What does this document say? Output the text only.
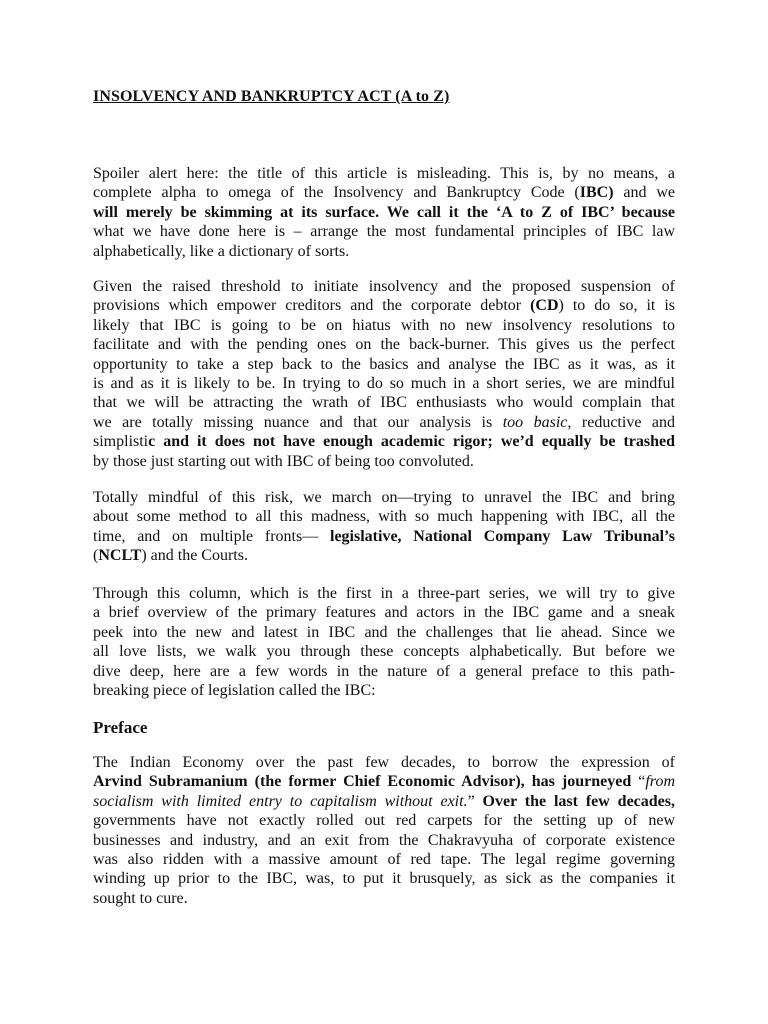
INSOLVENCY AND BANKRUPTCY ACT (A to Z)
Spoiler alert here: the title of this article is misleading. This is, by no means, a
complete alpha to omega of the Insolvency and Bankruptcy Code (IBC) and we
will merely be skimming at its surface. We call it the ‘A to Z of IBC’ because
what we have done here is – arrange the most fundamental principles of IBC law
alphabetically, like a dictionary of sorts.
Given the raised threshold to initiate insolvency and the proposed suspension of
provisions which empower creditors and the corporate debtor (CD) to do so, it is
likely that IBC is going to be on hiatus with no new insolvency resolutions to
facilitate and with the pending ones on the back-burner. This gives us the perfect
opportunity to take a step back to the basics and analyse the IBC as it was, as it
is and as it is likely to be. In trying to do so much in a short series, we are mindful
that we will be attracting the wrath of IBC enthusiasts who would complain that
we are totally missing nuance and that our analysis is too basic, reductive and
simplistic and it does not have enough academic rigor; we’d equally be trashed
by those just starting out with IBC of being too convoluted.
Totally mindful of this risk, we march on—trying to unravel the IBC and bring
about some method to all this madness, with so much happening with IBC, all the
time, and on multiple fronts— legislative, National Company Law Tribunal’s
(NCLT) and the Courts.
Through this column, which is the first in a three-part series, we will try to give
a brief overview of the primary features and actors in the IBC game and a sneak
peek into the new and latest in IBC and the challenges that lie ahead. Since we
all love lists, we walk you through these concepts alphabetically. But before we
dive deep, here are a few words in the nature of a general preface to this path-
breaking piece of legislation called the IBC:
Preface
The Indian Economy over the past few decades, to borrow the expression of
Arvind Subramanium (the former Chief Economic Advisor), has journeyed “from
socialism with limited entry to capitalism without exit.” Over the last few decades,
governments have not exactly rolled out red carpets for the setting up of new
businesses and industry, and an exit from the Chakravyuha of corporate existence
was also ridden with a massive amount of red tape. The legal regime governing
winding up prior to the IBC, was, to put it brusquely, as sick as the companies it
sought to cure.
